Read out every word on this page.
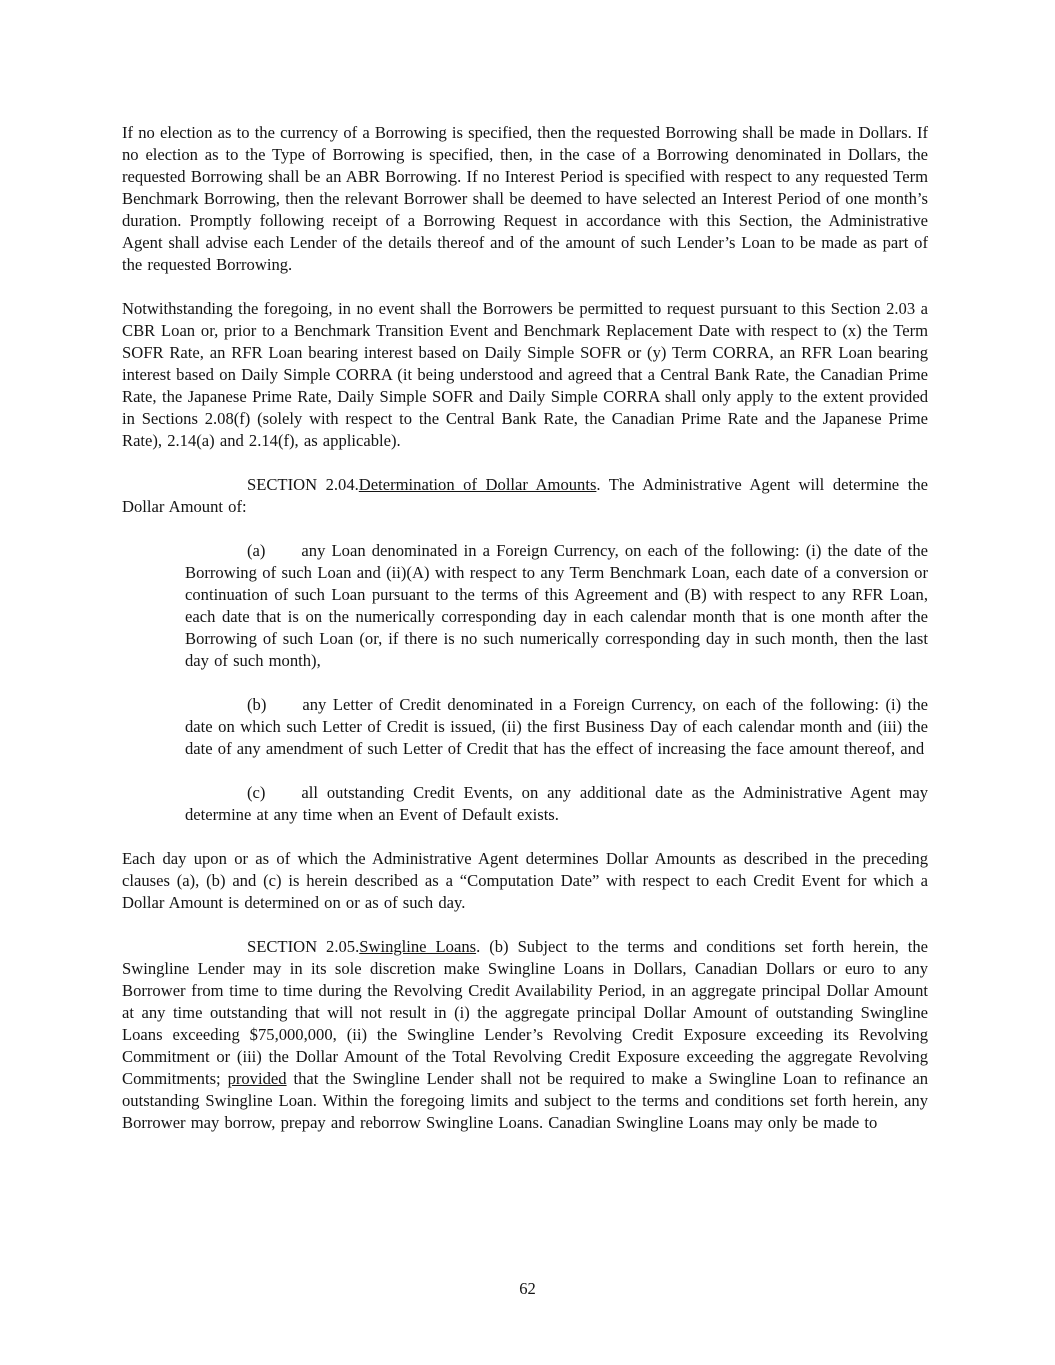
If no election as to the currency of a Borrowing is specified, then the requested Borrowing shall be made in Dollars. If no election as to the Type of Borrowing is specified, then, in the case of a Borrowing denominated in Dollars, the requested Borrowing shall be an ABR Borrowing. If no Interest Period is specified with respect to any requested Term Benchmark Borrowing, then the relevant Borrower shall be deemed to have selected an Interest Period of one month’s duration. Promptly following receipt of a Borrowing Request in accordance with this Section, the Administrative Agent shall advise each Lender of the details thereof and of the amount of such Lender’s Loan to be made as part of the requested Borrowing.

Notwithstanding the foregoing, in no event shall the Borrowers be permitted to request pursuant to this Section 2.03 a CBR Loan or, prior to a Benchmark Transition Event and Benchmark Replacement Date with respect to (x) the Term SOFR Rate, an RFR Loan bearing interest based on Daily Simple SOFR or (y) Term CORRA, an RFR Loan bearing interest based on Daily Simple CORRA (it being understood and agreed that a Central Bank Rate, the Canadian Prime Rate, the Japanese Prime Rate, Daily Simple SOFR and Daily Simple CORRA shall only apply to the extent provided in Sections 2.08(f) (solely with respect to the Central Bank Rate, the Canadian Prime Rate and the Japanese Prime Rate), 2.14(a) and 2.14(f), as applicable).

SECTION 2.04.Determination of Dollar Amounts. The Administrative Agent will determine the Dollar Amount of:

(a) any Loan denominated in a Foreign Currency, on each of the following: (i) the date of the Borrowing of such Loan and (ii)(A) with respect to any Term Benchmark Loan, each date of a conversion or continuation of such Loan pursuant to the terms of this Agreement and (B) with respect to any RFR Loan, each date that is on the numerically corresponding day in each calendar month that is one month after the Borrowing of such Loan (or, if there is no such numerically corresponding day in such month, then the last day of such month),

(b) any Letter of Credit denominated in a Foreign Currency, on each of the following: (i) the date on which such Letter of Credit is issued, (ii) the first Business Day of each calendar month and (iii) the date of any amendment of such Letter of Credit that has the effect of increasing the face amount thereof, and

(c) all outstanding Credit Events, on any additional date as the Administrative Agent may determine at any time when an Event of Default exists.

Each day upon or as of which the Administrative Agent determines Dollar Amounts as described in the preceding clauses (a), (b) and (c) is herein described as a “Computation Date” with respect to each Credit Event for which a Dollar Amount is determined on or as of such day.

SECTION 2.05.Swingline Loans. (b) Subject to the terms and conditions set forth herein, the Swingline Lender may in its sole discretion make Swingline Loans in Dollars, Canadian Dollars or euro to any Borrower from time to time during the Revolving Credit Availability Period, in an aggregate principal Dollar Amount at any time outstanding that will not result in (i) the aggregate principal Dollar Amount of outstanding Swingline Loans exceeding $75,000,000, (ii) the Swingline Lender’s Revolving Credit Exposure exceeding its Revolving Commitment or (iii) the Dollar Amount of the Total Revolving Credit Exposure exceeding the aggregate Revolving Commitments; provided that the Swingline Lender shall not be required to make a Swingline Loan to refinance an outstanding Swingline Loan. Within the foregoing limits and subject to the terms and conditions set forth herein, any Borrower may borrow, prepay and reborrow Swingline Loans. Canadian Swingline Loans may only be made to

62
